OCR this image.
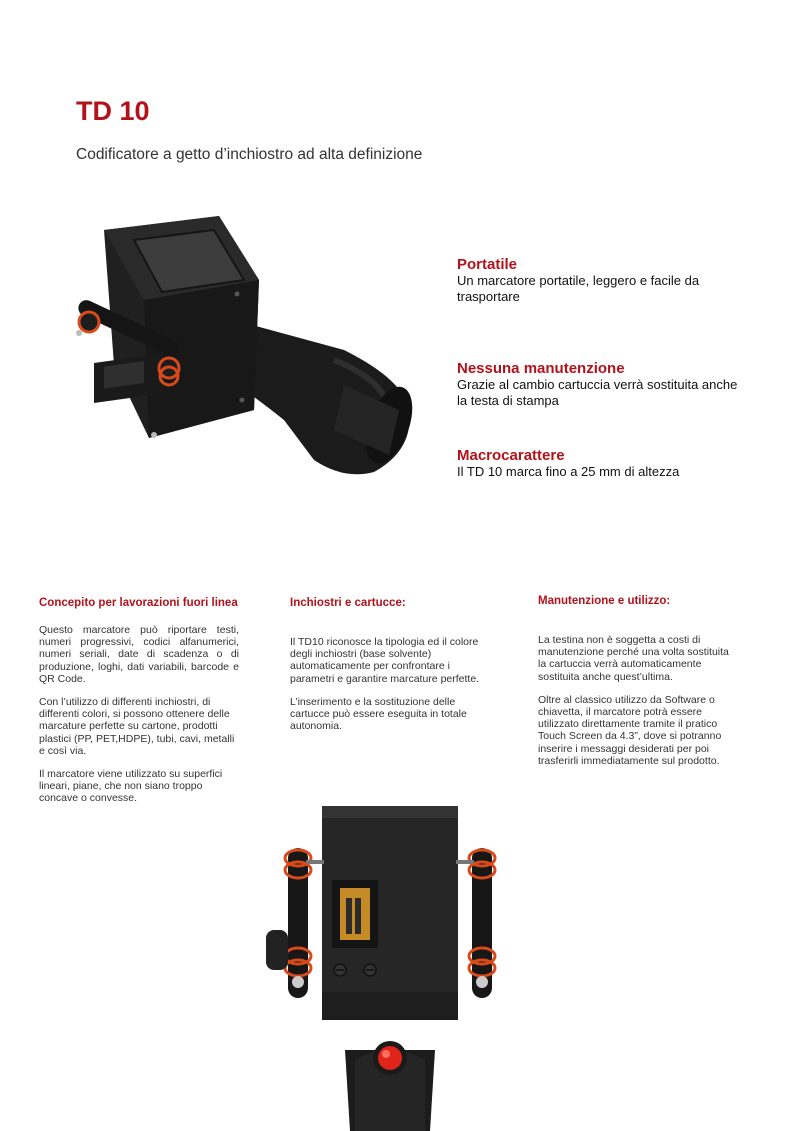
TD 10
Codificatore a getto d’inchiostro ad alta definizione
Portatile
Un marcatore portatile, leggero e facile da trasportare
Nessuna manutenzione
Grazie al cambio cartuccia verrà sostituita anche la testa di stampa
Macrocarattere
Il TD 10 marca fino a 25 mm di altezza
Concepito per lavorazioni fuori linea

Questo marcatore può riportare testi, numeri progressivi, codici alfanumerici, numeri seriali, date di scadenza o di produzione, loghi, dati variabili, barcode e QR Code.

Con l’utilizzo di differenti inchiostri, di differenti colori, si possono ottenere delle marcature perfette su cartone, prodotti plastici (PP, PET,HDPE), tubi, cavi, metalli e così via.

Il marcatore viene utilizzato su superfici lineari, piane, che non siano troppo concave o convesse.

Inchiostri e cartucce:

Il TD10 riconosce la tipologia ed il colore degli inchiostri (base solvente) automaticamente per confrontare i parametri e garantire marcature perfette.

L’inserimento e la sostituzione delle cartucce può essere eseguita in totale autonomia.

Manutenzione e utilizzo:

La testina non è soggetta a costi di manutenzione perché una volta sostituita la cartuccia verrà automaticamente sostituita anche quest’ultima.

Oltre al classico utilizzo da Software o chiavetta, il marcatore potrà essere utilizzato direttamente tramite il pratico Touch Screen da 4.3”, dove si potranno inserire i messaggi desiderati per poi trasferirli immediatamente sul prodotto.
